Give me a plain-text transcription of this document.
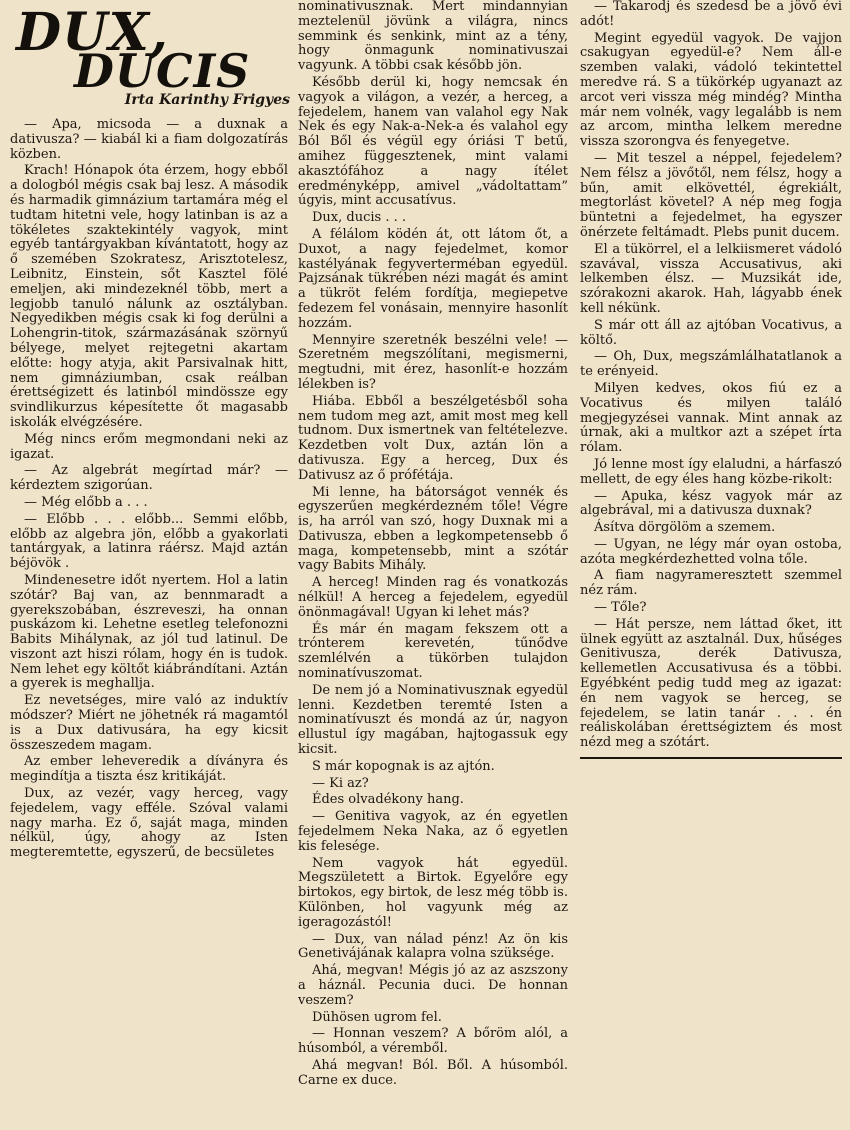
DUX,
DUCIS
Irta Karinthy Frigyes

— Apa, micsoda — a duxnak a dativusza? — kiabál ki a fiam dolgozatírás közben.

Krach! Hónapok óta érzem, hogy ebből a dologból mégis csak baj lesz. A második és harmadik gimnázium tartamára még el tudtam hitetni vele, hogy latinban is az a tökéletes szaktekintély vagyok, mint egyéb tantárgyakban kívántatott, hogy az ő szemében Szokratesz, Arisztotelesz, Leibnitz, Einstein, sőt Kasztel fölé emeljen, aki mindezeknél több, mert a legjobb tanuló nálunk az osztályban. Negyedikben mégis csak ki fog derülni a Lohengrin-titok, származásának szörnyű bélyege, melyet rejtegetni akartam előtte: hogy atyja, akit Parsivalnak hitt, nem gimnáziumban, csak reálban érettségizett és latinból mindössze egy svindlikurzus képesítette őt magasabb iskolák elvégzésére.

Még nincs erőm megmondani neki az igazat.

— Az algebrát megírtad már? — kérdeztem szigorúan.

— Még előbb a . . .

— Előbb . . . előbb... Semmi előbb, előbb az algebra jön, előbb a gyakorlati tantárgyak, a latinra ráérsz. Majd aztán béjövök .

Mindenesetre időt nyertem. Hol a latin szótár? Baj van, az bennmaradt a gyerekszobában, észreveszi, ha onnan puskázom ki. Lehetne esetleg telefonozni Babits Mihálynak, az jól tud latinul. De viszont azt hiszi rólam, hogy én is tudok. Nem lehet egy költőt kiábrándítani. Aztán a gyerek is meghallja.

Ez nevetséges, mire való az induktív módszer? Miért ne jöhetnék rá magamtól is a Dux dativusára, ha egy kicsit összeszedem magam.

Az ember leheveredik a díványra és megindítja a tiszta ész kritikáját.

Dux, az vezér, vagy herceg, vagy fejedelem, vagy efféle. Szóval valami nagy marha. Ez ő, saját maga, minden nélkül, úgy, ahogy az Isten megteremtette, egyszerű, de becsületes

nominativusznak. Mert mindannyian meztelenül jövünk a világra, nincs semmink és senkink, mint az a tény, hogy önmagunk nominativuszai vagyunk. A többi csak később jön.

Később derül ki, hogy nemcsak én vagyok a világon, a vezér, a herceg, a fejedelem, hanem van valahol egy Nak Nek és egy Nak-a-Nek-a és valahol egy Ból Ből és végül egy óriási T betű, amihez függesztenek, mint valami akasztófához a nagy ítélet eredményképp, amivel „vádoltattam” úgyis, mint accusatívus.

Dux, ducis . . .

A félálom ködén át, ott látom őt, a Duxot, a nagy fejedelmet, komor kastélyának fegyverterméban egyedül. Pajzsának tükrében nézi magát és amint a tükröt felém fordítja, megiepetve fedezem fel vonásain, mennyire hasonlít hozzám.

Mennyire szeretnék beszélni vele! — Szeretném megszólítani, megismerni, megtudni, mit érez, hasonlít-e hozzám lélekben is?

Hiába. Ebből a beszélgetésből soha nem tudom meg azt, amit most meg kell tudnom. Dux ismertnek van feltételezve. Kezdetben volt Dux, aztán lön a dativusza. Egy a herceg, Dux és Dativusz az ő prófétája.

Mi lenne, ha bátorságot vennék és egyszerűen megkérdezném tőle! Végre is, ha arról van szó, hogy Duxnak mi a Dativusza, ebben a legkompetensebb ő maga, kompetensebb, mint a szótár vagy Babits Mihály.

A herceg! Minden rag és vonatkozás nélkül! A herceg a fejedelem, egyedül önönmagával! Ugyan ki lehet más?

És már én magam fekszem ott a trónterem kerevetén, tűnődve szemlélvén a tükörben tulajdon nominatívuszomat.

De nem jó a Nominativusznak egyedül lenni. Kezdetben teremté Isten a nominatívuszt és mondá az úr, nagyon ellustul így magában, hajtogassuk egy kicsit.

S már kopognak is az ajtón.

— Ki az?

Édes olvadékony hang.

— Genitiva vagyok, az én egyetlen fejedelmem Neka Naka, az ő egyetlen kis felesége.

Nem vagyok hát egyedül. Megszületett a Birtok. Egyelőre egy birtokos, egy birtok, de lesz még több is. Különben, hol vagyunk még az igeragozástól!

— Dux, van nálad pénz! Az ön kis Genetivájának kalapra volna szüksége.

Ahá, megvan! Mégis jó az az aszszony a háznál. Pecunia duci. De honnan veszem?

Dühösen ugrom fel.

— Honnan veszem? A bőröm alól, a húsomból, a véremből.

Ahá megvan! Ból. Ből. A húsomból. Carne ex duce.

— Takarodj és szedesd be a jövő évi adót!

Megint egyedül vagyok. De vajjon csakugyan egyedül-e? Nem áll-e szemben valaki, vádoló tekintettel meredve rá. S a tükörkép ugyanazt az arcot veri vissza még mindég? Mintha már nem volnék, vagy legalább is nem az arcom, mintha lelkem meredne vissza szorongva és fenyegetve.

— Mit teszel a néppel, fejedelem? Nem félsz a jövőtől, nem félsz, hogy a bűn, amit elkövettél, égrekiált, megtorlást követel? A nép meg fogja büntetni a fejedelmet, ha egyszer önérzete feltámadt. Plebs punit ducem.

El a tükörrel, el a lelkiismeret vádoló szavával, vissza Accusativus, aki lelkemben élsz. — Muzsikát ide, szórakozni akarok. Hah, lágyabb ének kell nékünk.

S már ott áll az ajtóban Vocativus, a költő.

— Oh, Dux, megszámlálhatatlanok a te erényeid.

Milyen kedves, okos fiú ez a Vocativus és milyen találó megjegyzései vannak. Mint annak az úrnak, aki a multkor azt a szépet írta rólam.

Jó lenne most így elaludni, a hárfaszó mellett, de egy éles hang közbe-rikolt:

— Apuka, kész vagyok már az algebrával, mi a dativusza duxnak?

Ásítva dörgölöm a szemem.

— Ugyan, ne légy már oyan ostoba, azóta megkérdezhetted volna tőle.

A fiam nagyrameresztett szemmel néz rám.

— Tőle?

— Hát persze, nem láttad őket, itt ülnek együtt az asztalnál. Dux, hűséges Genitivusza, derék Dativusza, kellemetlen Accusativusa és a többi. Egyébként pedig tudd meg az igazat: én nem vagyok se herceg, se fejedelem, se latin tanár . . . én reáliskolában érettségiztem és most nézd meg a szótárt.
